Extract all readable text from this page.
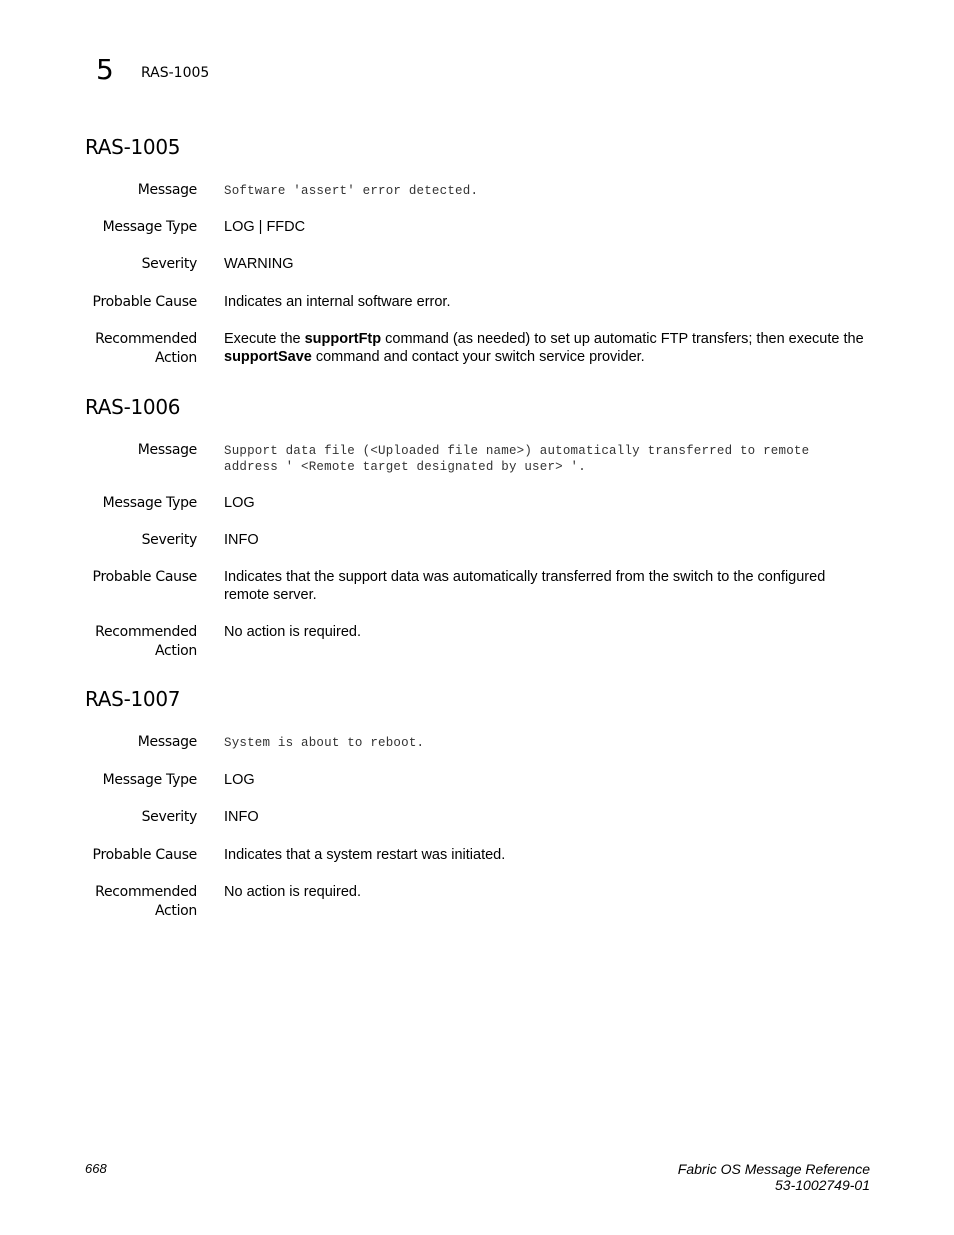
5 RAS-1005
RAS-1005
Message Software 'assert' error detected.
Message Type LOG | FFDC
Severity WARNING
Probable Cause Indicates an internal software error.
Recommended
Action
Execute the supportFtp command (as needed) to set up automatic FTP transfers; then execute the supportSave command and contact your switch service provider.
RAS-1006
Message Support data file (<Uploaded file name>) automatically transferred to remote address ' <Remote target designated by user> '.
Message Type LOG
Severity INFO
Probable Cause Indicates that the support data was automatically transferred from the switch to the configured remote server.
Recommended
Action
No action is required.
RAS-1007
Message System is about to reboot.
Message Type LOG
Severity INFO
Probable Cause Indicates that a system restart was initiated.
Recommended
Action
No action is required.
668	Fabric OS Message Reference
53-1002749-01
